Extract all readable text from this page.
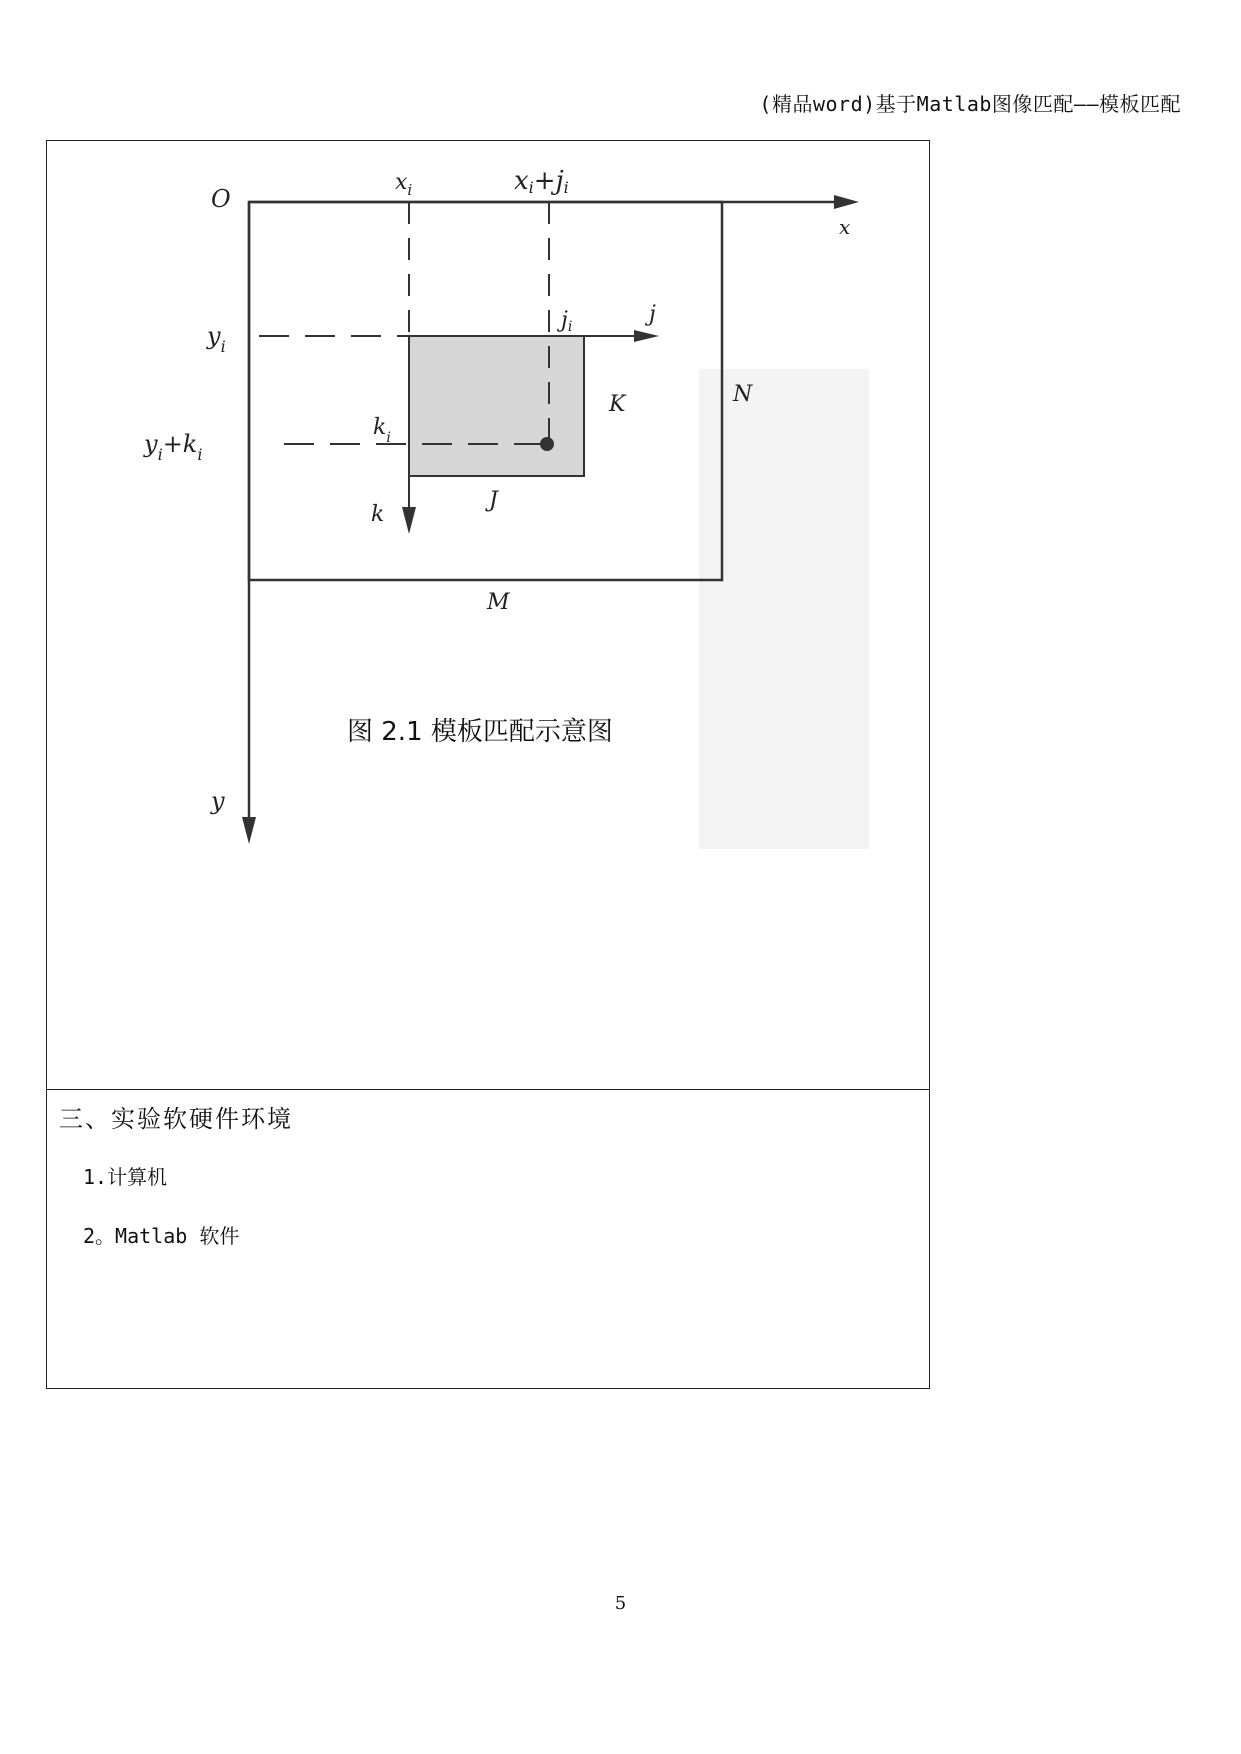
(精品word)基于Matlab图像匹配——模板匹配
O
x
y
$x_i$	xi+ji
$y_i$
$y_i+k_i$
ji	j
$k_i$
k
K
J
N
M
图 2.1 模板匹配示意图
三、实验软硬件环境
1.计算机
2。Matlab 软件
5
